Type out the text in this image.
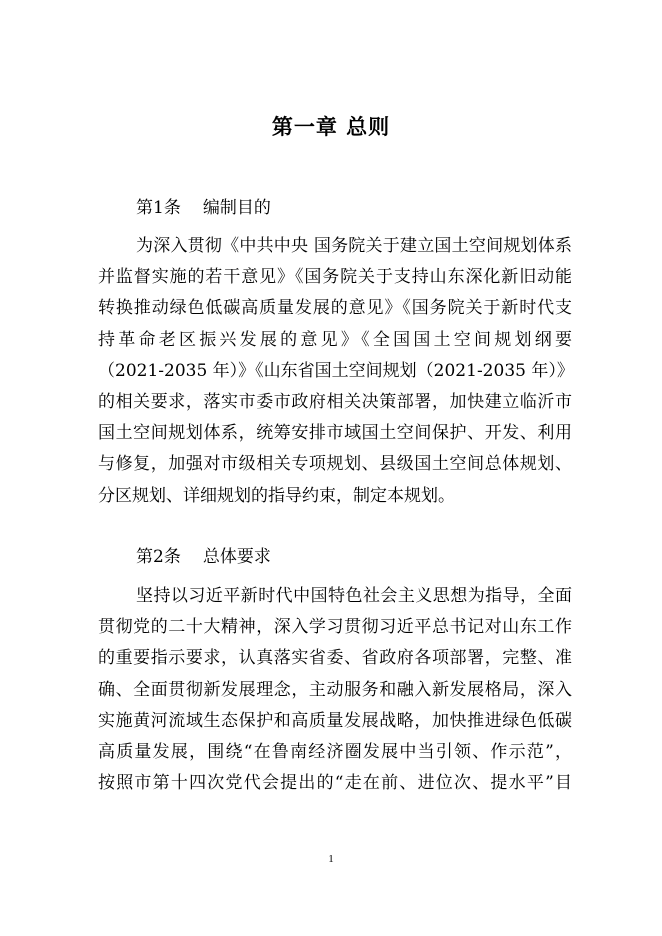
第一章 总则
第1条 编制目的
为深入贯彻《中共中央 国务院关于建立国土空间规划体系
并监督实施的若干意见》《国务院关于支持山东深化新旧动能
转换推动绿色低碳高质量发展的意见》《国务院关于新时代支
持革命老区振兴发展的意见》《全国国土空间规划纲要
（2021-2035 年）》《山东省国土空间规划（2021-2035 年）》
的相关要求，落实市委市政府相关决策部署，加快建立临沂市
国土空间规划体系，统筹安排市域国土空间保护、开发、利用
与修复，加强对市级相关专项规划、县级国土空间总体规划、
分区规划、详细规划的指导约束，制定本规划。
第2条 总体要求
坚持以习近平新时代中国特色社会主义思想为指导，全面
贯彻党的二十大精神，深入学习贯彻习近平总书记对山东工作
的重要指示要求，认真落实省委、省政府各项部署，完整、准
确、全面贯彻新发展理念，主动服务和融入新发展格局，深入
实施黄河流域生态保护和高质量发展战略，加快推进绿色低碳
高质量发展，围绕“在鲁南经济圈发展中当引领、作示范”，
按照市第十四次党代会提出的“走在前、进位次、提水平”目
1
